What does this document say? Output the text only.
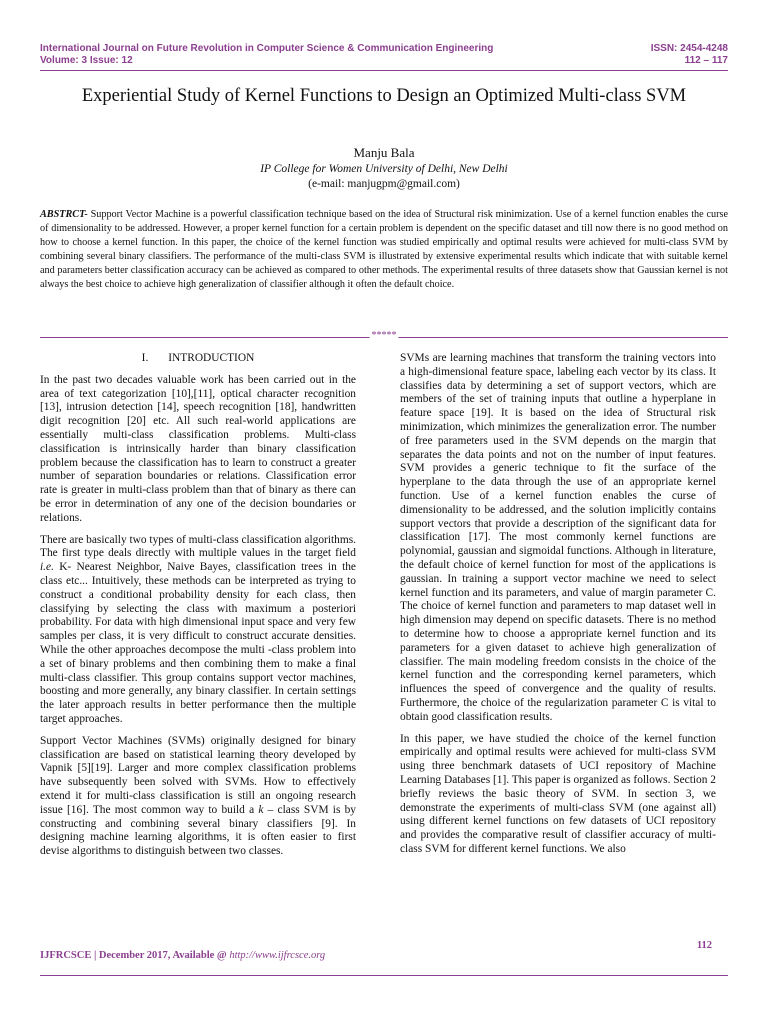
International Journal on Future Revolution in Computer Science & Communication Engineering
Volume: 3 Issue: 12
ISSN: 2454-4248
112 – 117
Experiential Study of Kernel Functions to Design an Optimized Multi-class SVM
Manju Bala
IP College for Women University of Delhi, New Delhi
(e-mail: manjugpm@gmail.com)
ABSTRCT- Support Vector Machine is a powerful classification technique based on the idea of Structural risk minimization. Use of a kernel function enables the curse of dimensionality to be addressed. However, a proper kernel function for a certain problem is dependent on the specific dataset and till now there is no good method on how to choose a kernel function. In this paper, the choice of the kernel function was studied empirically and optimal results were achieved for multi-class SVM by combining several binary classifiers. The performance of the multi-class SVM is illustrated by extensive experimental results which indicate that with suitable kernel and parameters better classification accuracy can be achieved as compared to other methods. The experimental results of three datasets show that Gaussian kernel is not always the best choice to achieve high generalization of classifier although it often the default choice.
*****

I.       INTRODUCTION

In the past two decades valuable work has been carried out in the area of text categorization [10],[11], optical character recognition [13], intrusion detection [14], speech recognition [18], handwritten digit recognition [20] etc. All such real-world applications are essentially multi-class classification problems. Multi-class classification is intrinsically harder than binary classification problem because the classification has to learn to construct a greater number of separation boundaries or relations. Classification error rate is greater in multi-class problem than that of binary as there can be error in determination of any one of the decision boundaries or relations.

There are basically two types of multi-class classification algorithms. The first type deals directly with multiple values in the target field i.e. K- Nearest Neighbor, Naive Bayes, classification trees in the class etc... Intuitively, these methods can be interpreted as trying to construct a conditional probability density for each class, then classifying by selecting the class with maximum a posteriori probability. For data with high dimensional input space and very few samples per class, it is very difficult to construct accurate densities. While the other approaches decompose the multi -class problem into a set of binary problems and then combining them to make a final multi-class classifier. This group contains support vector machines, boosting and more generally, any binary classifier. In certain settings the later approach results in better performance then the multiple target approaches.

Support Vector Machines (SVMs) originally designed for binary classification are based on statistical learning theory developed by Vapnik [5][19]. Larger and more complex classification problems have subsequently been solved with SVMs. How to effectively extend it for multi-class classification is still an ongoing research issue [16]. The most common way to build a k – class SVM is by constructing and combining several binary classifiers [9]. In designing machine learning algorithms, it is often easier to first devise algorithms to distinguish between two classes.

SVMs are learning machines that transform the training vectors into a high-dimensional feature space, labeling each vector by its class. It classifies data by determining a set of support vectors, which are members of the set of training inputs that outline a hyperplane in feature space [19]. It is based on the idea of Structural risk minimization, which minimizes the generalization error. The number of free parameters used in the SVM depends on the margin that separates the data points and not on the number of input features. SVM provides a generic technique to fit the surface of the hyperplane to the data through the use of an appropriate kernel function. Use of a kernel function enables the curse of dimensionality to be addressed, and the solution implicitly contains support vectors that provide a description of the significant data for classification [17]. The most commonly kernel functions are polynomial, gaussian and sigmoidal functions. Although in literature, the default choice of kernel function for most of the applications is gaussian. In training a support vector machine we need to select kernel function and its parameters, and value of margin parameter C. The choice of kernel function and parameters to map dataset well in high dimension may depend on specific datasets. There is no method to determine how to choose a appropriate kernel function and its parameters for a given dataset to achieve high generalization of classifier. The main modeling freedom consists in the choice of the kernel function and the corresponding kernel parameters, which influences the speed of convergence and the quality of results. Furthermore, the choice of the regularization parameter C is vital to obtain good classification results.

In this paper, we have studied the choice of the kernel function empirically and optimal results were achieved for multi-class SVM using three benchmark datasets of UCI repository of Machine Learning Databases [1]. This paper is organized as follows. Section 2 briefly reviews the basic theory of SVM. In section 3, we demonstrate the experiments of multi-class SVM (one against all) using different kernel functions on few datasets of UCI repository and provides the comparative result of classifier accuracy of multi-class SVM for different kernel functions. We also

112
IJFRCSCE | December 2017, Available @ http://www.ijfrcsce.org
